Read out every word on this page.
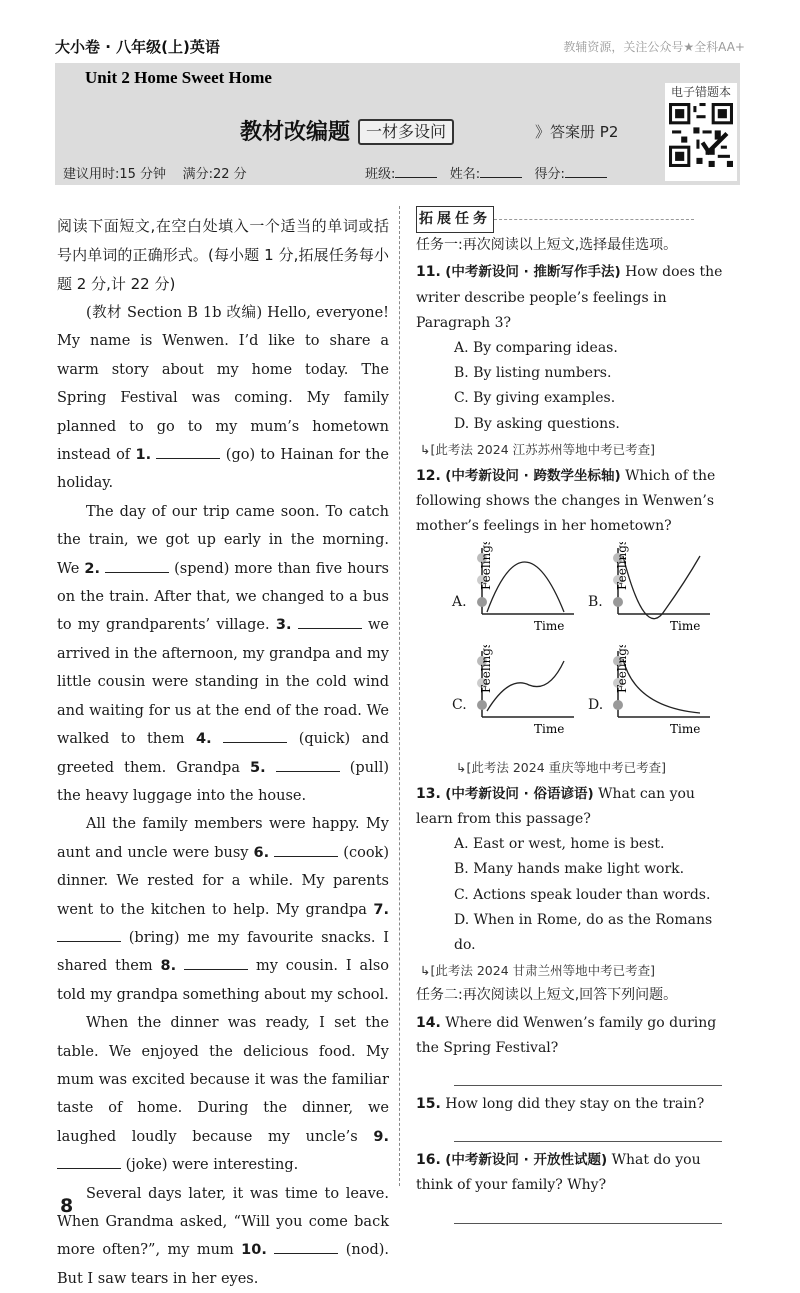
大小卷 · 八年级(上)英语	教辅资源，关注公众号★全科AA+
Unit 2 Home Sweet Home
教材改编题 一材多设问	》答案册 P2
电子错题本
建议用时:15 分钟 满分:22 分	班级:	姓名:	得分:
阅读下面短文,在空白处填入一个适当的单词或括号内单词的正确形式。(每小题 1 分,拓展任务每小题 2 分,计 22 分)

(教材 Section B 1b 改编) Hello, everyone! My name is Wenwen. I’d like to share a warm story about my home today. The Spring Festival was coming. My family planned to go to my mum’s hometown instead of 1.	(go) to Hainan for the holiday.

The day of our trip came soon. To catch the train, we got up early in the morning. We 2.	(spend) more than five hours on the train. After that, we changed to a bus to my grandparents’ village. 3.	we arrived in the afternoon, my grandpa and my little cousin were standing in the cold wind and waiting for us at the end of the road. We walked to them 4.	(quick) and greeted them. Grandpa 5.	(pull) the heavy luggage into the house.

All the family members were happy. My aunt and uncle were busy 6.	(cook) dinner. We rested for a while. My parents went to the kitchen to help. My grandpa 7.  (bring) me my favourite snacks. I shared them 8.	my cousin. I also told my grandpa something about my school.

When the dinner was ready, I set the table. We enjoyed the delicious food. My mum was excited because it was the familiar taste of home. During the dinner, we laughed loudly because my uncle’s 9.  (joke) were interesting.

Several days later, it was time to leave. When Grandma asked, “Will you come back more often?”, my mum 10.	(nod). But I saw tears in her eyes.

拓展任务
任务一:再次阅读以上短文,选择最佳选项。
11. (中考新设问 · 推断写作手法) How does the writer describe people’s feelings in Paragraph 3?
A. By comparing ideas.
B. By listing numbers.
C. By giving examples.
D. By asking questions.
↳[此考法 2024 江苏苏州等地中考已考查]
12. (中考新设问 · 跨数学坐标轴) Which of the following shows the changes in Wenwen’s mother’s feelings in her hometown?
A.
Feelings
Time
B.
Feelings
Time
C.
Feelings
Time
D.
Feelings
Time
↳[此考法 2024 重庆等地中考已考查]
13. (中考新设问 · 俗语谚语) What can you learn from this passage?
A. East or west, home is best.
B. Many hands make light work.
C. Actions speak louder than words.
D. When in Rome, do as the Romans do.
↳[此考法 2024 甘肃兰州等地中考已考查]
任务二:再次阅读以上短文,回答下列问题。
14. Where did Wenwen’s family go during the Spring Festival?
15. How long did they stay on the train?
16. (中考新设问 · 开放性试题) What do you think of your family? Why?
8
